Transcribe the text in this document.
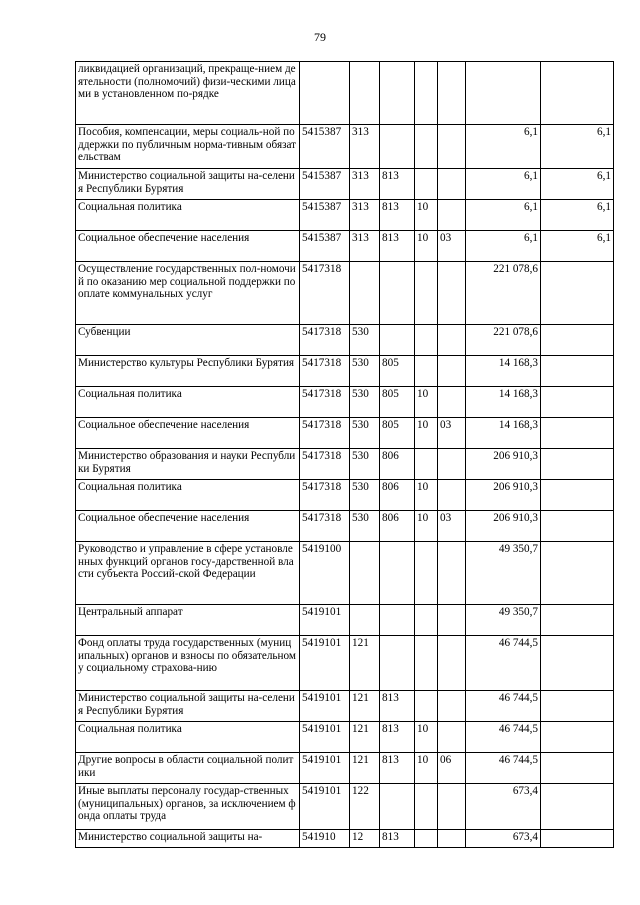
79
ликвидацией организаций, прекраще-нием деятельности (полномочий) физи-ческими лицами в установленном по-рядке							
Пособия, компенсации, меры социаль-ной поддержки по публичным норма-тивным обязательствам	5415387	313				6,1	6,1
Министерство социальной защиты на-селения Республики Бурятия	5415387	313	813			6,1	6,1
Социальная политика	5415387	313	813	10		6,1	6,1
Социальное обеспечение населения	5415387	313	813	10	03	6,1	6,1
Осуществление государственных пол-номочий по оказанию мер социальной поддержки по оплате коммунальных услуг	5417318					221 078,6	
Субвенции	5417318	530				221 078,6	
Министерство культуры Республики Бурятия	5417318	530	805			14 168,3	
Социальная политика	5417318	530	805	10		14 168,3	
Социальное обеспечение населения	5417318	530	805	10	03	14 168,3	
Министерство образования и науки Республики Бурятия	5417318	530	806			206 910,3	
Социальная политика	5417318	530	806	10		206 910,3	
Социальное обеспечение населения	5417318	530	806	10	03	206 910,3	
Руководство и управление в сфере установленных функций органов госу-дарственной власти субъекта Россий-ской Федерации	5419100					49 350,7	
Центральный аппарат	5419101					49 350,7	
Фонд оплаты труда государственных (муниципальных) органов и взносы по обязательному социальному страхова-нию	5419101	121				46 744,5	
Министерство социальной защиты на-селения Республики Бурятия	5419101	121	813			46 744,5	
Социальная политика	5419101	121	813	10		46 744,5	
Другие вопросы в области социальной политики	5419101	121	813	10	06	46 744,5	
Иные выплаты персоналу государ-ственных (муниципальных) органов, за исключением фонда оплаты труда	5419101	122				673,4	
Министерство социальной защиты на-	541910	12	813			673,4	
